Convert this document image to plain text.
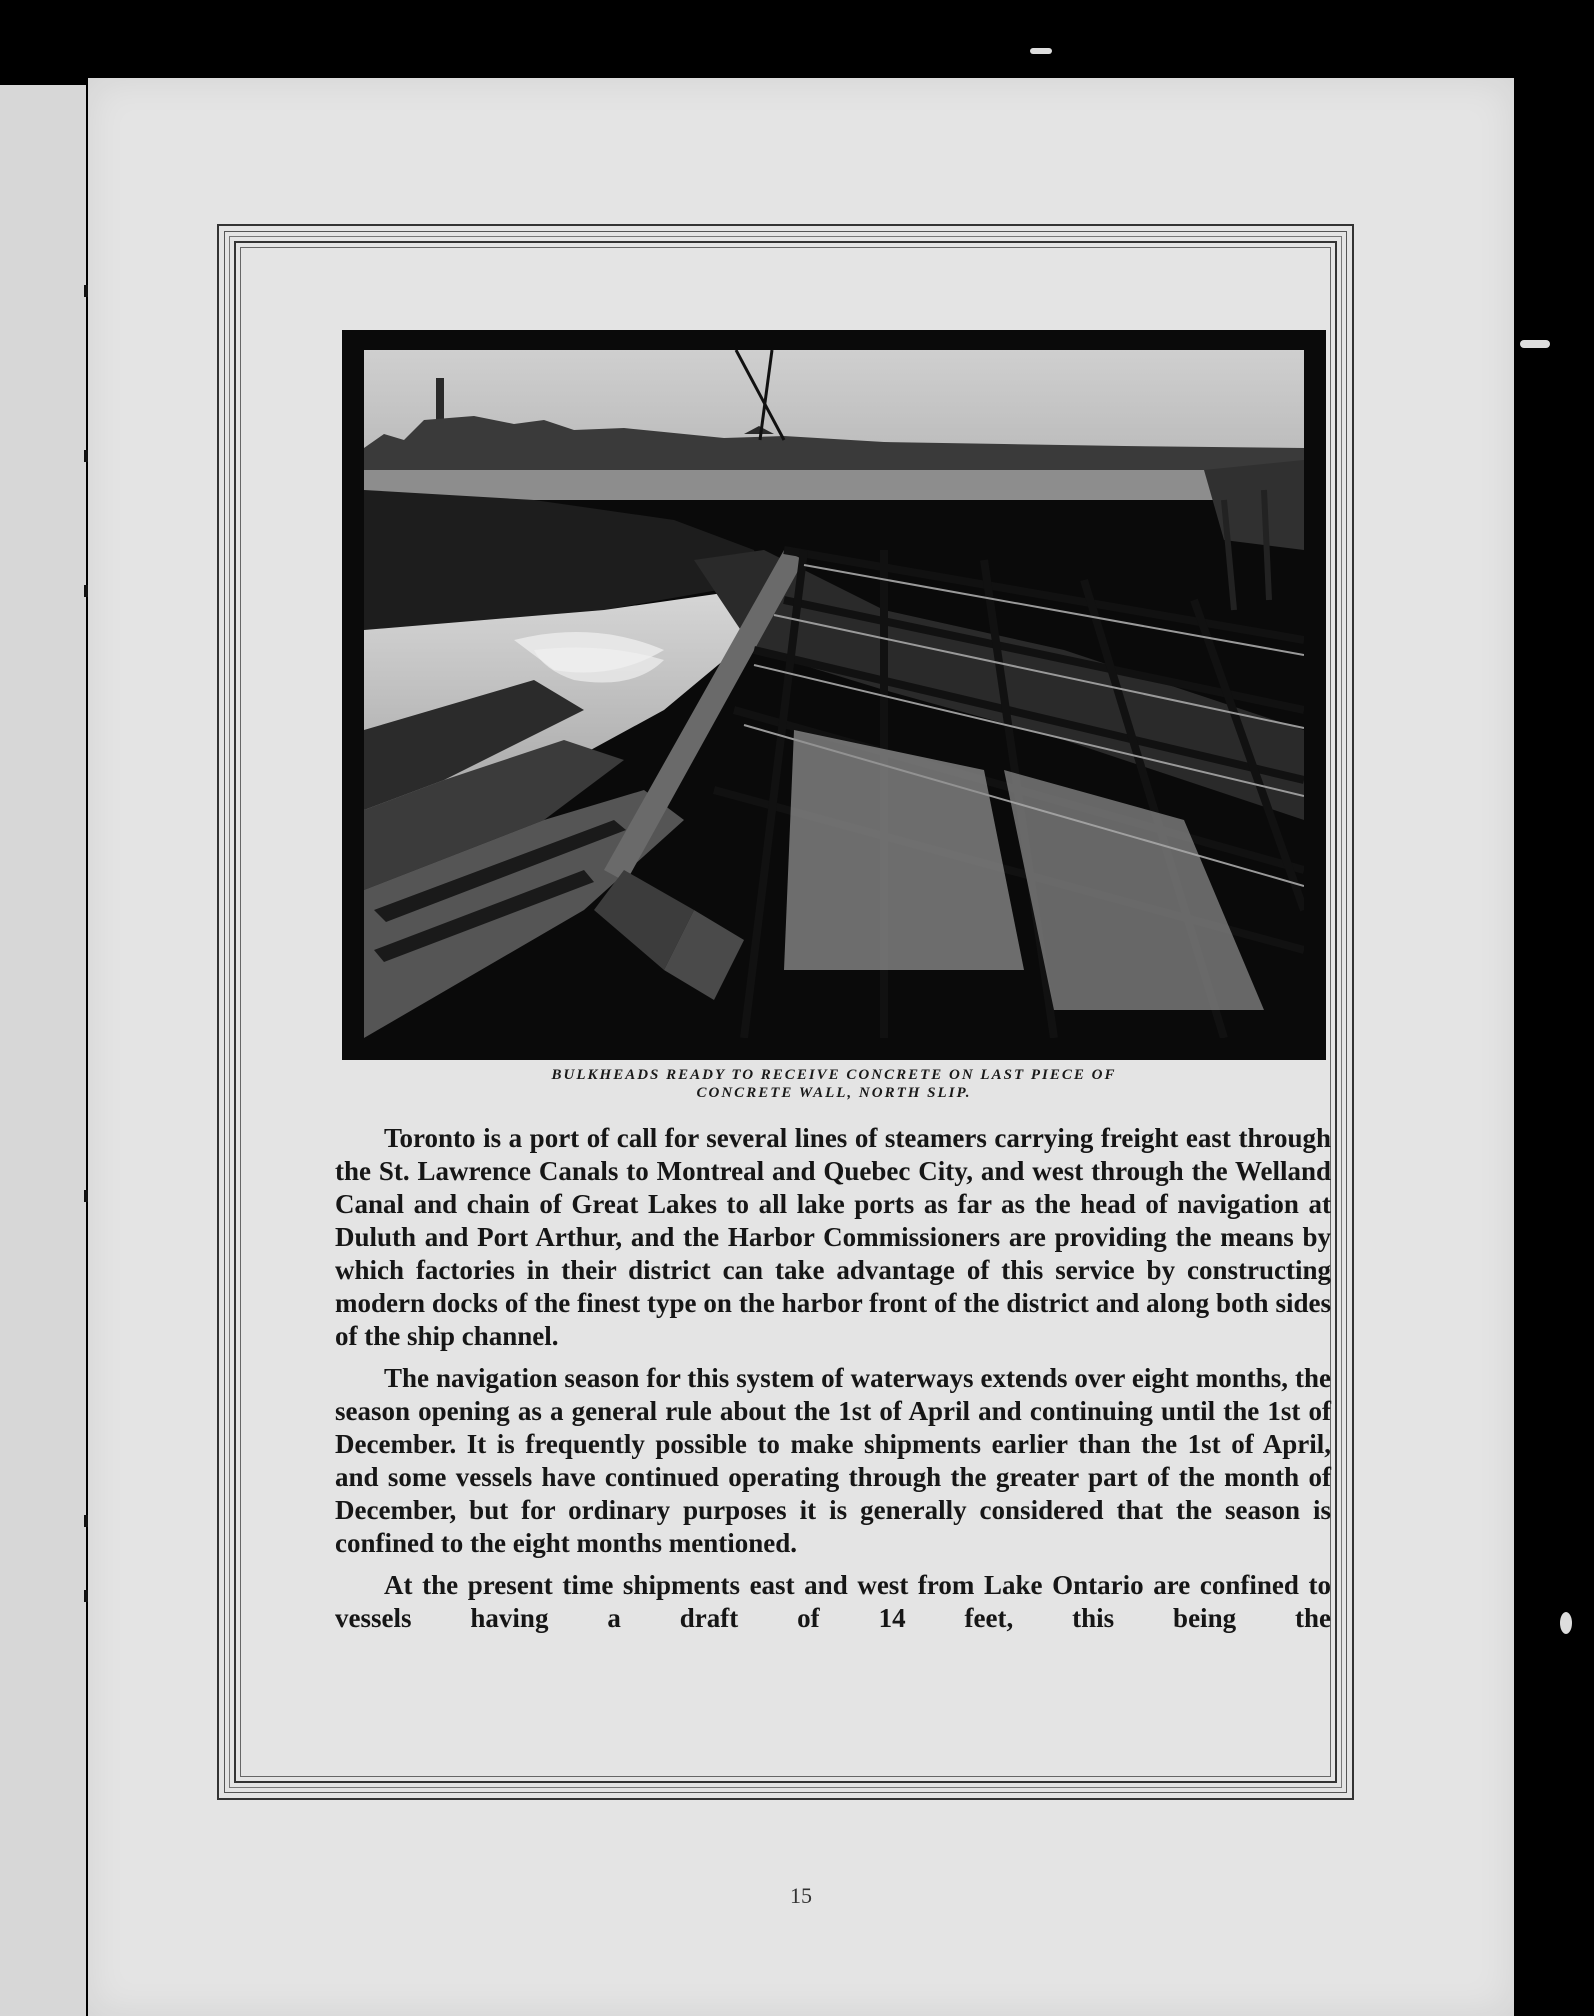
BULKHEADS READY TO RECEIVE CONCRETE ON LAST PIECE OF
CONCRETE WALL, NORTH SLIP.

Toronto is a port of call for several lines of steamers carrying freight east through the St. Lawrence Canals to Montreal and Quebec City, and west through the Welland Canal and chain of Great Lakes to all lake ports as far as the head of navigation at Duluth and Port Arthur, and the Harbor Commissioners are providing the means by which factories in their district can take advantage of this service by constructing modern docks of the finest type on the harbor front of the district and along both sides of the ship channel.

The navigation season for this system of waterways extends over eight months, the season opening as a general rule about the 1st of April and continuing until the 1st of December. It is frequently possible to make shipments earlier than the 1st of April, and some vessels have continued operating through the greater part of the month of December, but for ordinary purposes it is generally considered that the season is confined to the eight months mentioned.

At the present time shipments east and west from Lake Ontario are confined to vessels having a draft of 14 feet, this being the

15
